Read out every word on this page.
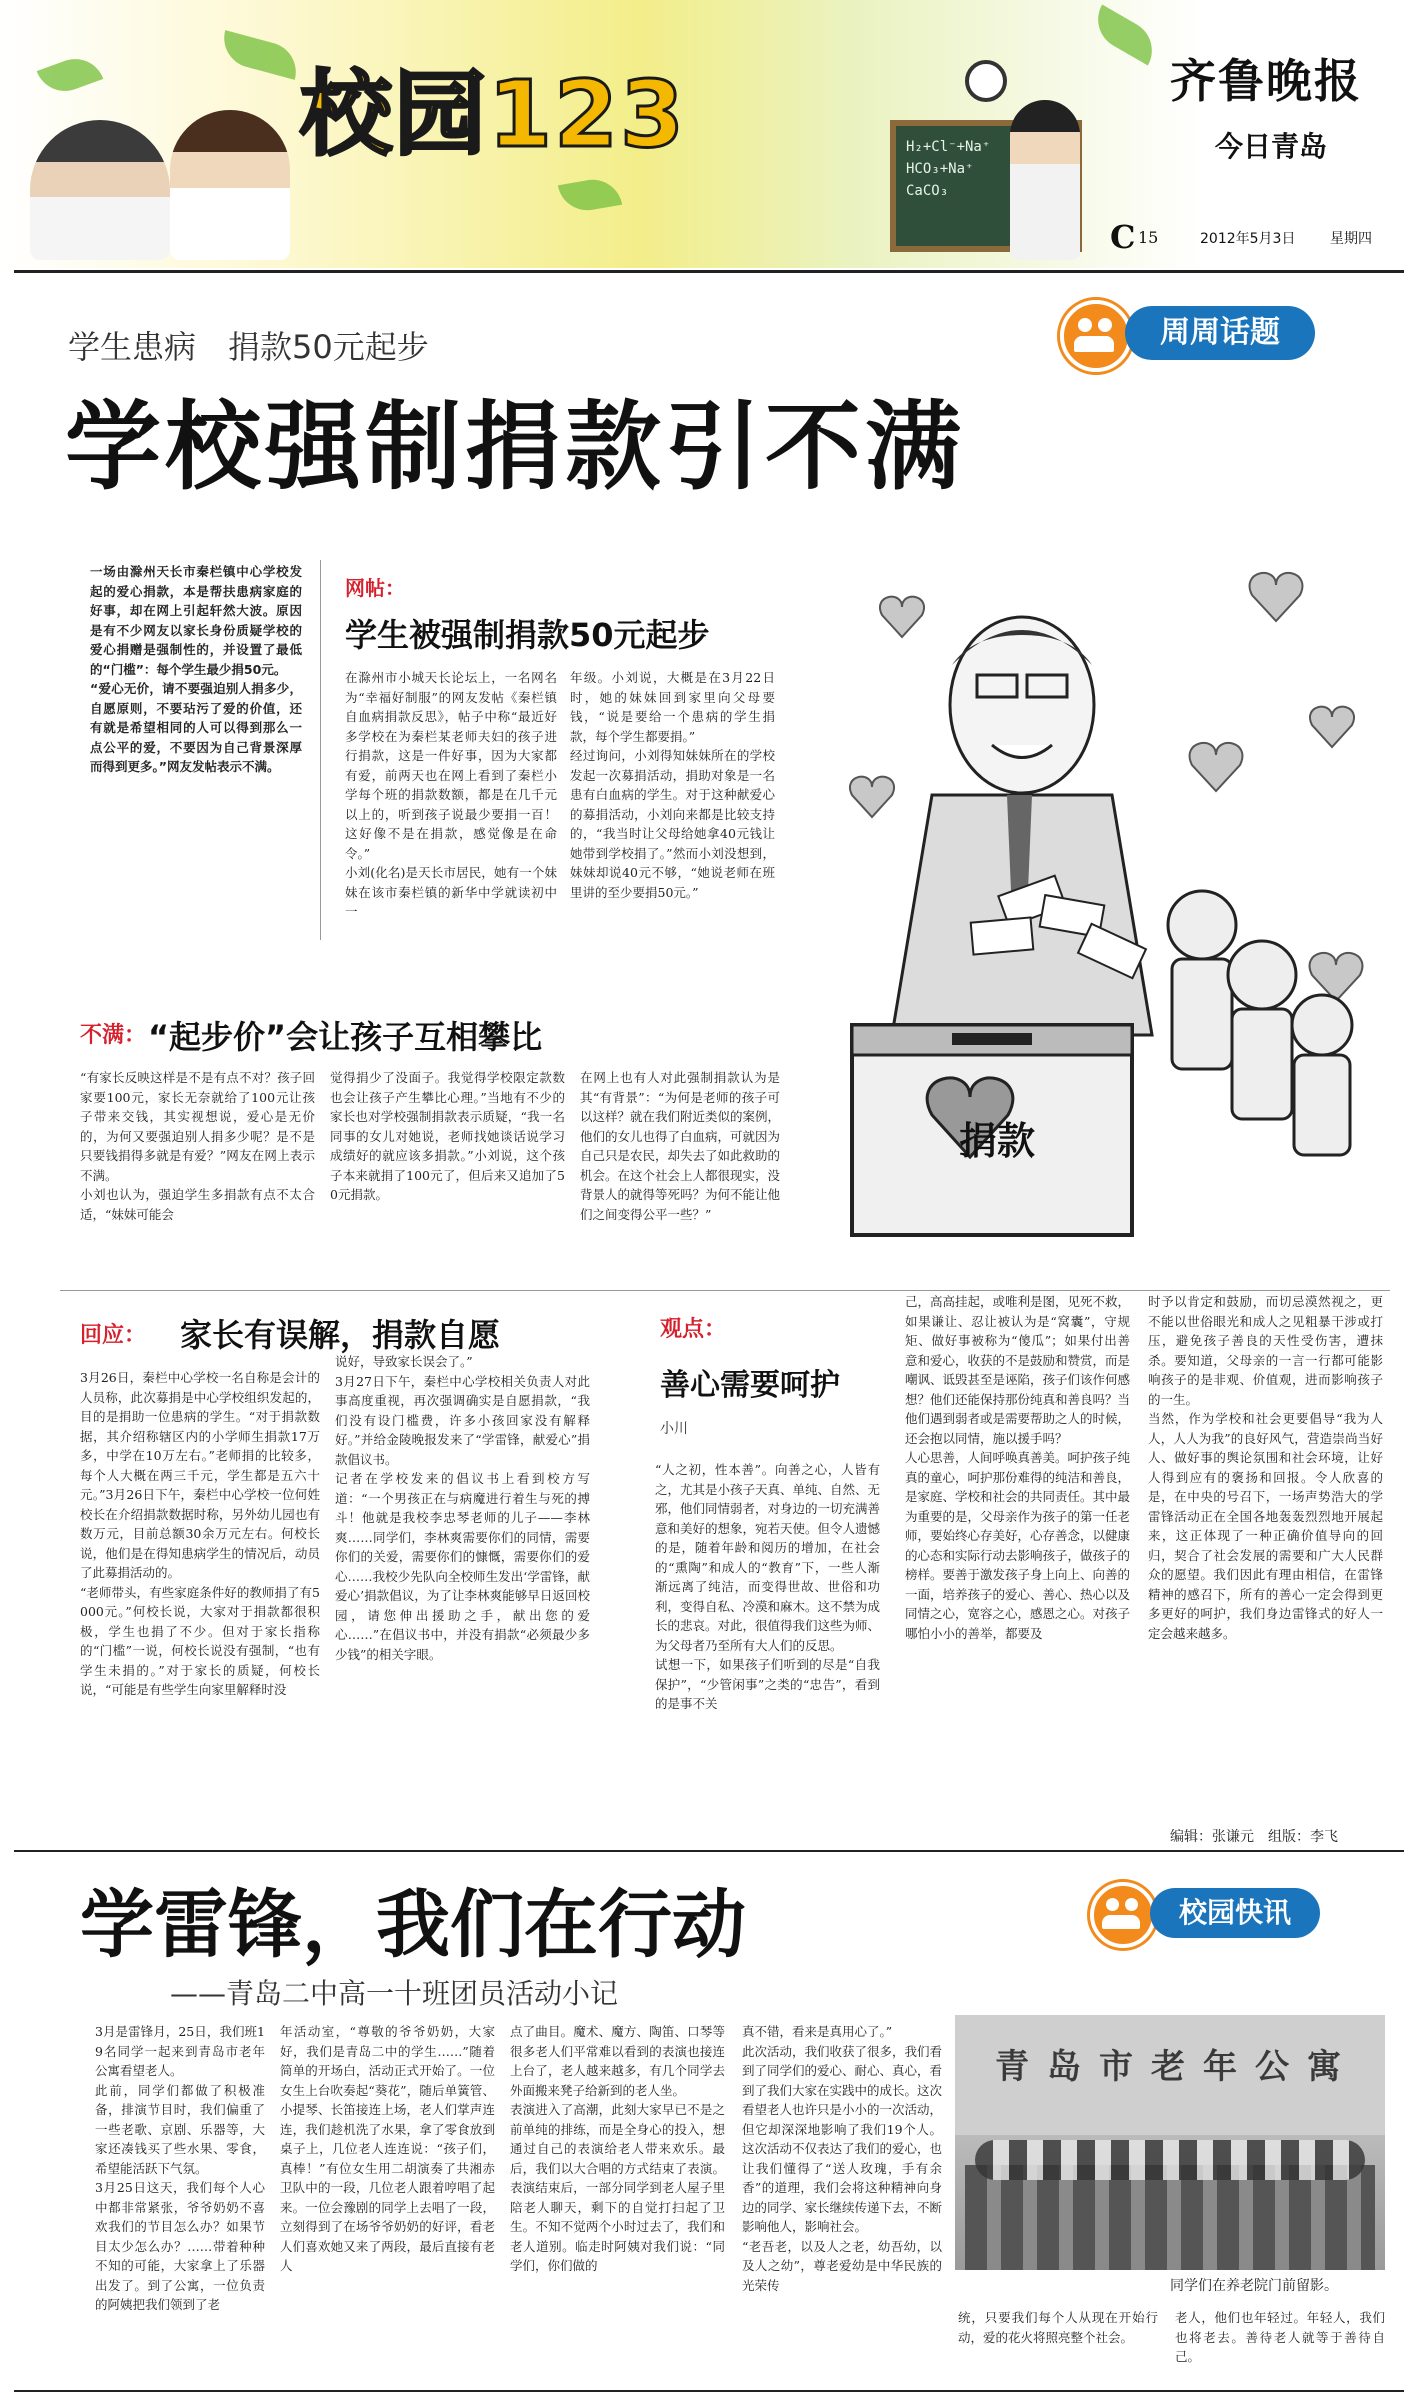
校园123	H₂+Cl⁻+Na⁺
HCO₃+Na⁺
CaCO₃
齐鲁晚报
今日青岛
C 15	2012年5月3日 星期四
学生患病　捐款50元起步
学校强制捐款引不满
周周话题
一场由滁州天长市秦栏镇中心学校发起的爱心捐款，本是帮扶患病家庭的好事，却在网上引起轩然大波。原因是有不少网友以家长身份质疑学校的爱心捐赠是强制性的，并设置了最低的“门槛”：每个学生最少捐50元。
“爱心无价，请不要强迫别人捐多少，自愿原则，不要玷污了爱的价值，还有就是希望相同的人可以得到那么一点公平的爱，不要因为自己背景深厚而得到更多。”网友发帖表示不满。
网帖：
学生被强制捐款50元起步
在滁州市小城天长论坛上，一名网名为“幸福好制服”的网友发帖《秦栏镇自血病捐款反思》，帖子中称“最近好多学校在为秦栏某老师夫妇的孩子进行捐款，这是一件好事，因为大家都有爱，前两天也在网上看到了秦栏小学每个班的捐款数额，都是在几千元以上的，听到孩子说最少要捐一百！这好像不是在捐款，感觉像是在命令。”
小刘(化名)是天长市居民，她有一个妹妹在该市秦栏镇的新华中学就读初中一
年级。小刘说，大概是在3月22日时，她的妹妹回到家里向父母要钱，“说是要给一个患病的学生捐款，每个学生都要捐。”
经过询问，小刘得知妹妹所在的学校发起一次募捐活动，捐助对象是一名患有白血病的学生。对于这种献爱心的募捐活动，小刘向来都是比较支持的，“我当时让父母给她拿40元钱让她带到学校捐了。”然而小刘没想到，妹妹却说40元不够，“她说老师在班里讲的至少要捐50元。”
不满： “起步价”会让孩子互相攀比
“有家长反映这样是不是有点不对？孩子回家要100元，家长无奈就给了100元让孩子带来交钱，其实视想说，爱心是无价的，为何又要强迫别人捐多少呢？是不是只要钱捐得多就是有爱？”网友在网上表示不满。
小刘也认为，强迫学生多捐款有点不太合适，“妹妹可能会
觉得捐少了没面子。我觉得学校限定款数也会让孩子产生攀比心理。”当地有不少的家长也对学校强制捐款表示质疑，“我一名同事的女儿对她说，老师找她谈话说学习成绩好的就应该多捐款。”小刘说，这个孩子本来就捐了100元了，但后来又追加了50元捐款。
在网上也有人对此强制捐款认为是其“有背景”：“为何是老师的孩子可以这样？就在我们附近类似的案例，他们的女儿也得了白血病，可就因为自己只是农民，却失去了如此救助的机会。在这个社会上人都很现实，没背景人的就得等死吗？为何不能让他们之间变得公平一些？”
捐款
回应： 家长有误解，捐款自愿
3月26日，秦栏中心学校一名自称是会计的人员称，此次募捐是中心学校组织发起的，目的是捐助一位患病的学生。“对于捐款数据，其介绍称辖区内的小学师生捐款17万多，中学在10万左右。”老师捐的比较多，每个人大概在两三千元，学生都是五六十元。”3月26日下午，秦栏中心学校一位何姓校长在介绍捐款数据时称，另外幼儿园也有数万元，目前总额30余万元左右。何校长说，他们是在得知患病学生的情况后，动员了此募捐活动的。
“老师带头，有些家庭条件好的教师捐了有5000元。”何校长说，大家对于捐款都很积极，学生也捐了不少。但对于家长指称的“门槛”一说，何校长说没有强制，“也有学生未捐的。”对于家长的质疑，何校长说，“可能是有些学生向家里解释时没
说好，导致家长误会了。”
3月27日下午，秦栏中心学校相关负责人对此事高度重视，再次强调确实是自愿捐款，“我们没有设门槛费，许多小孩回家没有解释好。”并给金陵晚报发来了“学雷锋，献爱心”捐款倡议书。
记者在学校发来的倡议书上看到校方写道：“一个男孩正在与病魔进行着生与死的搏斗！他就是我校李忠琴老师的儿子——李林爽……同学们，李林爽需要你们的同情，需要你们的关爱，需要你们的慷慨，需要你们的爱心……我校少先队向全校师生发出‘学雷锋，献爱心’捐款倡议，为了让李林爽能够早日返回校园，请您伸出援助之手，献出您的爱心……”在倡议书中，并没有捐款“必须最少多少钱”的相关字眼。
观点：
善心需要呵护
小川
“人之初，性本善”。向善之心，人皆有之，尤其是小孩子天真、单纯、自然、无邪，他们同情弱者，对身边的一切充满善意和美好的想象，宛若天使。但令人遗憾的是，随着年龄和阅历的增加，在社会的“熏陶”和成人的“教育”下，一些人渐渐远离了纯洁，而变得世故、世俗和功利，变得自私、冷漠和麻木。这不禁为成长的悲哀。对此，很值得我们这些为师、为父母者乃至所有大人们的反思。
试想一下，如果孩子们听到的尽是“自我保护”，“少管闲事”之类的“忠告”，看到的是事不关
己，高高挂起，或唯利是图，见死不救，如果谦让、忍让被认为是“窝囊”，守规矩、做好事被称为“傻瓜”；如果付出善意和爱心，收获的不是鼓励和赞赏，而是嘲讽、诋毁甚至是诬陷，孩子们该作何感想？他们还能保持那份纯真和善良吗？当他们遇到弱者或是需要帮助之人的时候，还会抱以同情，施以援手吗？
人心思善，人间呼唤真善美。呵护孩子纯真的童心，呵护那份难得的纯洁和善良，是家庭、学校和社会的共同责任。其中最为重要的是，父母亲作为孩子的第一任老师，要始终心存美好，心存善念，以健康的心态和实际行动去影响孩子，做孩子的榜样。要善于激发孩子身上向上、向善的一面，培养孩子的爱心、善心、热心以及同情之心，宽容之心，感恩之心。对孩子哪怕小小的善举，都要及
时予以肯定和鼓励，而切忌漠然视之，更不能以世俗眼光和成人之见粗暴干涉或打压，避免孩子善良的天性受伤害，遭抹杀。要知道，父母亲的一言一行都可能影响孩子的是非观、价值观，进而影响孩子的一生。
当然，作为学校和社会更要倡导“我为人人，人人为我”的良好风气，营造崇尚当好人、做好事的舆论氛围和社会环境，让好人得到应有的褒扬和回报。令人欣喜的是，在中央的号召下，一场声势浩大的学雷锋活动正在全国各地轰轰烈烈地开展起来，这正体现了一种正确价值导向的回归，契合了社会发展的需要和广大人民群众的愿望。我们因此有理由相信，在雷锋精神的感召下，所有的善心一定会得到更多更好的呵护，我们身边雷锋式的好人一定会越来越多。
编辑：张谦元　组版：李飞
学雷锋，我们在行动
——青岛二中高一十班团员活动小记
校园快讯
3月是雷锋月，25日，我们班19名同学一起来到青岛市老年公寓看望老人。
此前，同学们都做了积极准备，排演节目时，我们偏重了一些老歌、京剧、乐器等，大家还凑钱买了些水果、零食，希望能活跃下气氛。
3月25日这天，我们每个人心中都非常紧张，爷爷奶奶不喜欢我们的节目怎么办？如果节目太少怎么办？……带着种种不知的可能，大家拿上了乐器出发了。到了公寓，一位负责的阿姨把我们领到了老
年活动室，“尊敬的爷爷奶奶，大家好，我们是青岛二中的学生……”随着简单的开场白，活动正式开始了。一位女生上台吹奏起“葵花”，随后单簧管、小提琴、长笛接连上场，老人们掌声连连，我们趁机洗了水果，拿了零食放到桌子上，几位老人连连说：“孩子们，真棒！”有位女生用二胡演奏了共湘赤卫队中的一段，几位老人跟着哼唱了起来。一位会豫剧的同学上去唱了一段，立刻得到了在场爷爷奶奶的好评，看老人们喜欢她又来了两段，最后直接有老人
点了曲目。魔术、魔方、陶笛、口琴等很多老人们平常难以看到的表演也接连上台了，老人越来越多，有几个同学去外面搬来凳子给新到的老人坐。
表演进入了高潮，此刻大家早已不是之前单纯的排练，而是全身心的投入，想通过自己的表演给老人带来欢乐。最后，我们以大合唱的方式结束了表演。表演结束后，一部分同学到老人屋子里陪老人聊天，剩下的自觉打扫起了卫生。不知不觉两个小时过去了，我们和老人道别。临走时阿姨对我们说：“同学们，你们做的
真不错，看来是真用心了。”
此次活动，我们收获了很多，我们看到了同学们的爱心、耐心、真心，看到了我们大家在实践中的成长。这次看望老人也许只是小小的一次活动，但它却深深地影响了我们19个人。这次活动不仅表达了我们的爱心，也让我们懂得了“送人玫瑰，手有余香”的道理，我们会将这种精神向身边的同学、家长继续传递下去，不断影响他人，影响社会。
“老吾老，以及人之老，幼吾幼，以及人之幼”，尊老爱幼是中华民族的光荣传
统，只要我们每个人从现在开始行动，爱的花火将照亮整个社会。
老人，他们也年轻过。年轻人，我们也将老去。善待老人就等于善待自己。
青岛市老年公寓
同学们在养老院门前留影。
